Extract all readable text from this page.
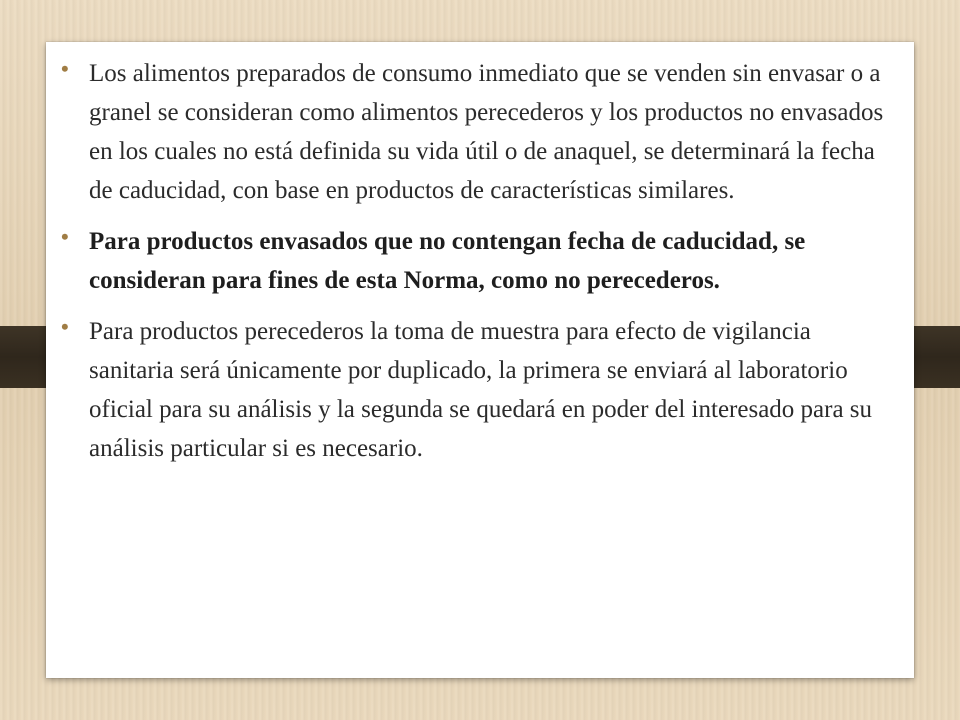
• Los alimentos preparados de consumo inmediato que se venden sin envasar o a granel se consideran como alimentos perecederos y los productos no envasados en los cuales no está definida su vida útil o de anaquel, se determinará la fecha de caducidad, con base en productos de características similares.
• Para productos envasados que no contengan fecha de caducidad, se consideran para fines de esta Norma, como no perecederos.
• Para productos perecederos la toma de muestra para efecto de vigilancia sanitaria será únicamente por duplicado, la primera se enviará al laboratorio oficial para su análisis y la segunda se quedará en poder del interesado para su análisis particular si es necesario.
